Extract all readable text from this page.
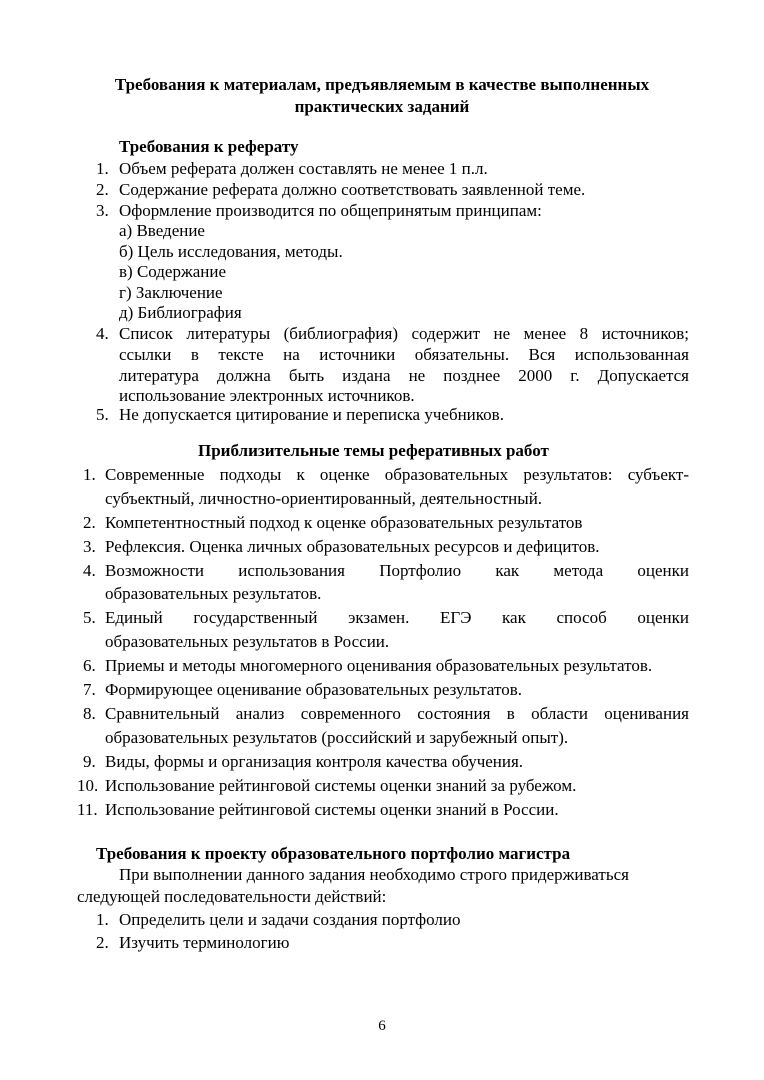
Требования к материалам, предъявляемым в качестве выполненных
практических заданий
Требования к реферату
1. Объем реферата должен составлять не менее 1 п.л.
2. Содержание реферата должно соответствовать заявленной теме.
3. Оформление производится по общепринятым принципам:
а) Введение
б) Цель исследования, методы.
в) Содержание
г) Заключение
д) Библиография
4. Список литературы (библиография) содержит не менее 8 источников;
ссылки в тексте на источники обязательны. Вся использованная
литература должна быть издана не позднее 2000 г. Допускается
использование электронных источников.
5. Не допускается цитирование и переписка учебников.
Приблизительные темы реферативных работ
1. Современные подходы к оценке образовательных результатов: субъект-
субъектный, личностно-ориентированный, деятельностный.
2. Компетентностный подход к оценке образовательных результатов
3. Рефлексия. Оценка личных образовательных ресурсов и дефицитов.
4. Возможности использования Портфолио как метода оценки
образовательных результатов.
5. Единый государственный экзамен. ЕГЭ как способ оценки
образовательных результатов в России.
6. Приемы и методы многомерного оценивания образовательных результатов.
7. Формирующее оценивание образовательных результатов.
8. Сравнительный анализ современного состояния в области оценивания
образовательных результатов (российский и зарубежный опыт).
9. Виды, формы и организация контроля качества обучения.
10. Использование рейтинговой системы оценки знаний за рубежом.
11. Использование рейтинговой системы оценки знаний в России.
Требования к проекту образовательного портфолио магистра
При выполнении данного задания необходимо строго придерживаться
следующей последовательности действий:
1. Определить цели и задачи создания портфолио
2. Изучить терминологию
6
